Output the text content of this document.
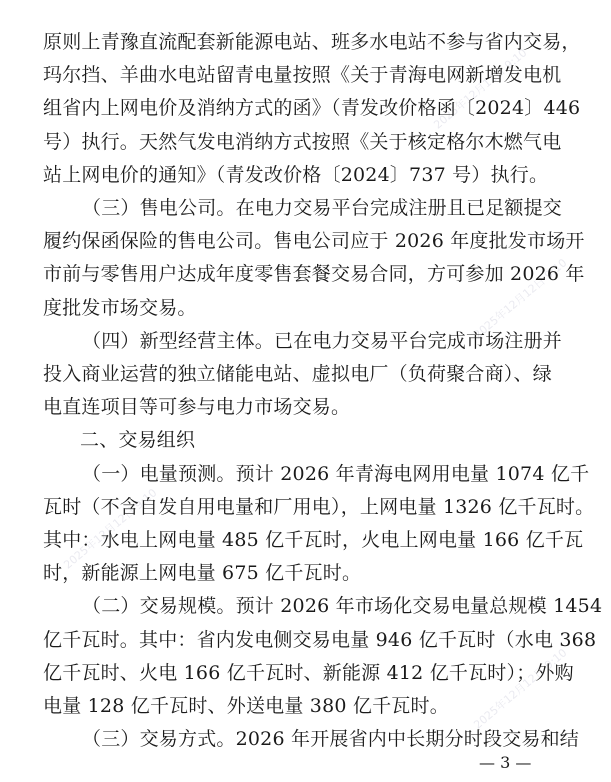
2025年12月12日 9:10
2025年12月12日 9:10
2025年12月12日 9:10
2025年12月12日 9:10
原则上青豫直流配套新能源电站、班多水电站不参与省内交易，
玛尔挡、羊曲水电站留青电量按照《关于青海电网新增发电机
组省内上网电价及消纳方式的函》（青发改价格函〔2024〕446
号）执行。天然气发电消纳方式按照《关于核定格尔木燃气电
站上网电价的通知》（青发改价格〔2024〕737 号）执行。
（三）售电公司。在电力交易平台完成注册且已足额提交
履约保函保险的售电公司。售电公司应于 2026 年度批发市场开
市前与零售用户达成年度零售套餐交易合同，方可参加 2026 年
度批发市场交易。
（四）新型经营主体。已在电力交易平台完成市场注册并
投入商业运营的独立储能电站、虚拟电厂（负荷聚合商）、绿
电直连项目等可参与电力市场交易。
二、交易组织
（一）电量预测。预计 2026 年青海电网用电量 1074 亿千
瓦时（不含自发自用电量和厂用电），上网电量 1326 亿千瓦时。
其中：水电上网电量 485 亿千瓦时，火电上网电量 166 亿千瓦
时，新能源上网电量 675 亿千瓦时。
（二）交易规模。预计 2026 年市场化交易电量总规模 1454
亿千瓦时。其中：省内发电侧交易电量 946 亿千瓦时（水电 368
亿千瓦时、火电 166 亿千瓦时、新能源 412 亿千瓦时）；外购
电量 128 亿千瓦时、外送电量 380 亿千瓦时。
（三）交易方式。2026 年开展省内中长期分时段交易和结
— 3 —
